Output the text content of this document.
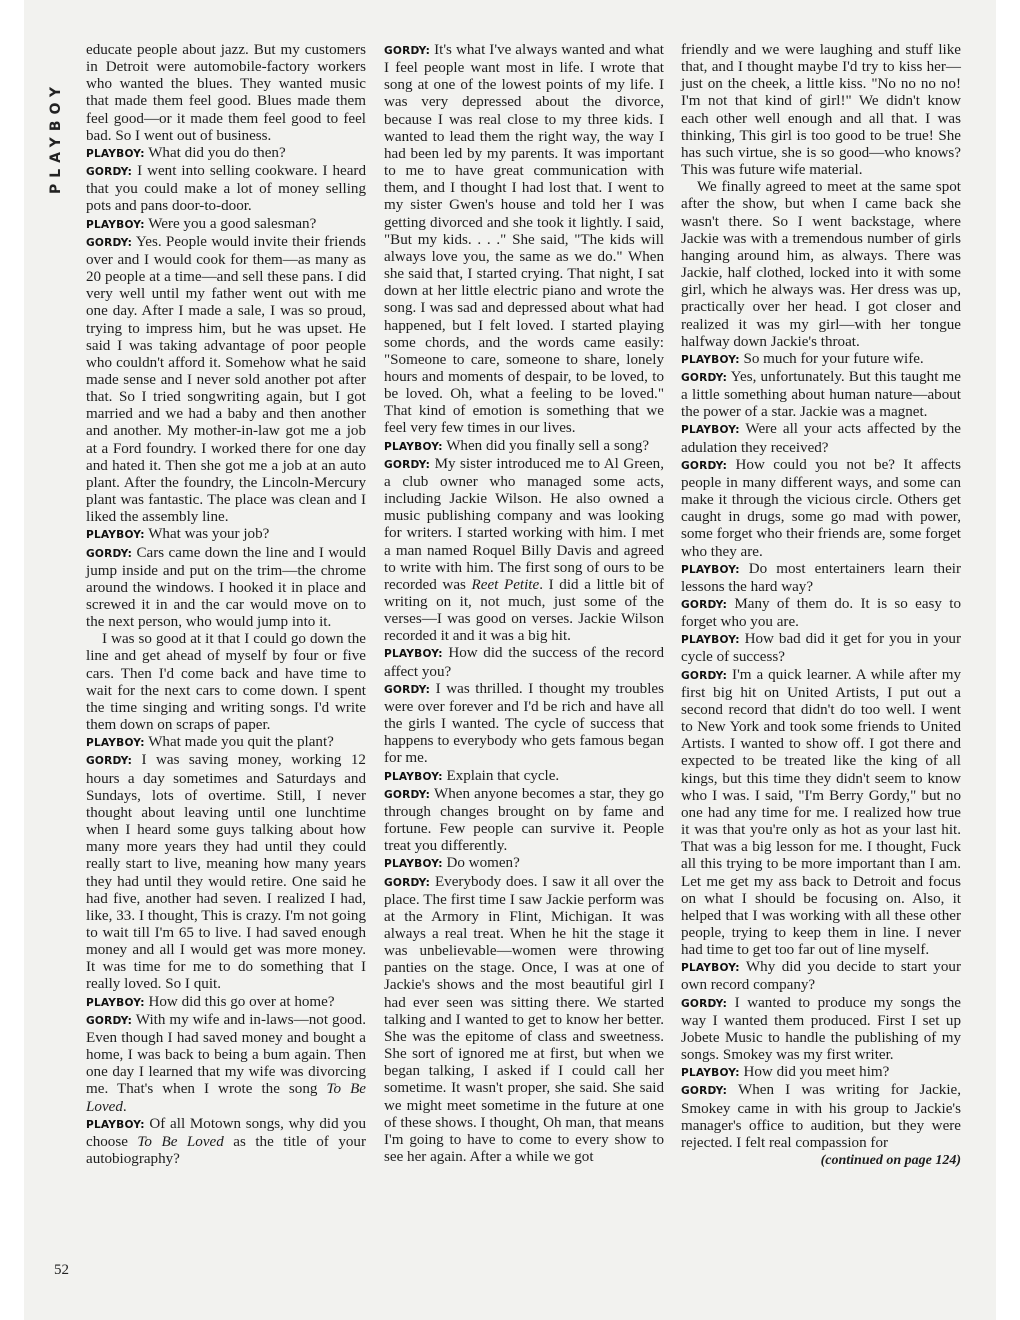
PLAYBOY
52

educate people about jazz. But my customers in Detroit were automobile-factory workers who wanted the blues. They wanted music that made them feel good. Blues made them feel good—or it made them feel good to feel bad. So I went out of business.

PLAYBOY: What did you do then?

GORDY: I went into selling cookware. I heard that you could make a lot of money selling pots and pans door-to-door.

PLAYBOY: Were you a good salesman?

GORDY: Yes. People would invite their friends over and I would cook for them—as many as 20 people at a time—and sell these pans. I did very well until my father went out with me one day. After I made a sale, I was so proud, trying to impress him, but he was upset. He said I was taking advantage of poor people who couldn't afford it. Somehow what he said made sense and I never sold another pot after that. So I tried songwriting again, but I got married and we had a baby and then another and another. My mother-in-law got me a job at a Ford foundry. I worked there for one day and hated it. Then she got me a job at an auto plant. After the foundry, the Lincoln-Mercury plant was fantastic. The place was clean and I liked the assembly line.

PLAYBOY: What was your job?

GORDY: Cars came down the line and I would jump inside and put on the trim—the chrome around the windows. I hooked it in place and screwed it in and the car would move on to the next person, who would jump into it.

I was so good at it that I could go down the line and get ahead of myself by four or five cars. Then I'd come back and have time to wait for the next cars to come down. I spent the time singing and writing songs. I'd write them down on scraps of paper.

PLAYBOY: What made you quit the plant?

GORDY: I was saving money, working 12 hours a day sometimes and Saturdays and Sundays, lots of overtime. Still, I never thought about leaving until one lunchtime when I heard some guys talking about how many more years they had until they could really start to live, meaning how many years they had until they would retire. One said he had five, another had seven. I realized I had, like, 33. I thought, This is crazy. I'm not going to wait till I'm 65 to live. I had saved enough money and all I would get was more money. It was time for me to do something that I really loved. So I quit.

PLAYBOY: How did this go over at home?

GORDY: With my wife and in-laws—not good. Even though I had saved money and bought a home, I was back to being a bum again. Then one day I learned that my wife was divorcing me. That's when I wrote the song To Be Loved.

PLAYBOY: Of all Motown songs, why did you choose To Be Loved as the title of your autobiography?

GORDY: It's what I've always wanted and what I feel people want most in life. I wrote that song at one of the lowest points of my life. I was very depressed about the divorce, because I was real close to my three kids. I wanted to lead them the right way, the way I had been led by my parents. It was important to me to have great communication with them, and I thought I had lost that. I went to my sister Gwen's house and told her I was getting divorced and she took it lightly. I said, "But my kids. . . ." She said, "The kids will always love you, the same as we do." When she said that, I started crying. That night, I sat down at her little electric piano and wrote the song. I was sad and depressed about what had happened, but I felt loved. I started playing some chords, and the words came easily: "Someone to care, someone to share, lonely hours and moments of despair, to be loved, to be loved. Oh, what a feeling to be loved." That kind of emotion is something that we feel very few times in our lives.

PLAYBOY: When did you finally sell a song?

GORDY: My sister introduced me to Al Green, a club owner who managed some acts, including Jackie Wilson. He also owned a music publishing company and was looking for writers. I started working with him. I met a man named Roquel Billy Davis and agreed to write with him. The first song of ours to be recorded was Reet Petite. I did a little bit of writing on it, not much, just some of the verses—I was good on verses. Jackie Wilson recorded it and it was a big hit.

PLAYBOY: How did the success of the record affect you?

GORDY: I was thrilled. I thought my troubles were over forever and I'd be rich and have all the girls I wanted. The cycle of success that happens to everybody who gets famous began for me.

PLAYBOY: Explain that cycle.

GORDY: When anyone becomes a star, they go through changes brought on by fame and fortune. Few people can survive it. People treat you differently.

PLAYBOY: Do women?

GORDY: Everybody does. I saw it all over the place. The first time I saw Jackie perform was at the Armory in Flint, Michigan. It was always a real treat. When he hit the stage it was unbelievable—women were throwing panties on the stage. Once, I was at one of Jackie's shows and the most beautiful girl I had ever seen was sitting there. We started talking and I wanted to get to know her better. She was the epitome of class and sweetness. She sort of ignored me at first, but when we began talking, I asked if I could call her sometime. It wasn't proper, she said. She said we might meet sometime in the future at one of these shows. I thought, Oh man, that means I'm going to have to come to every show to see her again. After a while we got

friendly and we were laughing and stuff like that, and I thought maybe I'd try to kiss her—just on the cheek, a little kiss. "No no no no! I'm not that kind of girl!" We didn't know each other well enough and all that. I was thinking, This girl is too good to be true! She has such virtue, she is so good—who knows? This was future wife material.

We finally agreed to meet at the same spot after the show, but when I came back she wasn't there. So I went backstage, where Jackie was with a tremendous number of girls hanging around him, as always. There was Jackie, half clothed, locked into it with some girl, which he always was. Her dress was up, practically over her head. I got closer and realized it was my girl—with her tongue halfway down Jackie's throat.

PLAYBOY: So much for your future wife.

GORDY: Yes, unfortunately. But this taught me a little something about human nature—about the power of a star. Jackie was a magnet.

PLAYBOY: Were all your acts affected by the adulation they received?

GORDY: How could you not be? It affects people in many different ways, and some can make it through the vicious circle. Others get caught in drugs, some go mad with power, some forget who their friends are, some forget who they are.

PLAYBOY: Do most entertainers learn their lessons the hard way?

GORDY: Many of them do. It is so easy to forget who you are.

PLAYBOY: How bad did it get for you in your cycle of success?

GORDY: I'm a quick learner. A while after my first big hit on United Artists, I put out a second record that didn't do too well. I went to New York and took some friends to United Artists. I wanted to show off. I got there and expected to be treated like the king of all kings, but this time they didn't seem to know who I was. I said, "I'm Berry Gordy," but no one had any time for me. I realized how true it was that you're only as hot as your last hit. That was a big lesson for me. I thought, Fuck all this trying to be more important than I am. Let me get my ass back to Detroit and focus on what I should be focusing on. Also, it helped that I was working with all these other people, trying to keep them in line. I never had time to get too far out of line myself.

PLAYBOY: Why did you decide to start your own record company?

GORDY: I wanted to produce my songs the way I wanted them produced. First I set up Jobete Music to handle the publishing of my songs. Smokey was my first writer.

PLAYBOY: How did you meet him?

GORDY: When I was writing for Jackie, Smokey came in with his group to Jackie's manager's office to audition, but they were rejected. I felt real compassion for

(continued on page 124)
